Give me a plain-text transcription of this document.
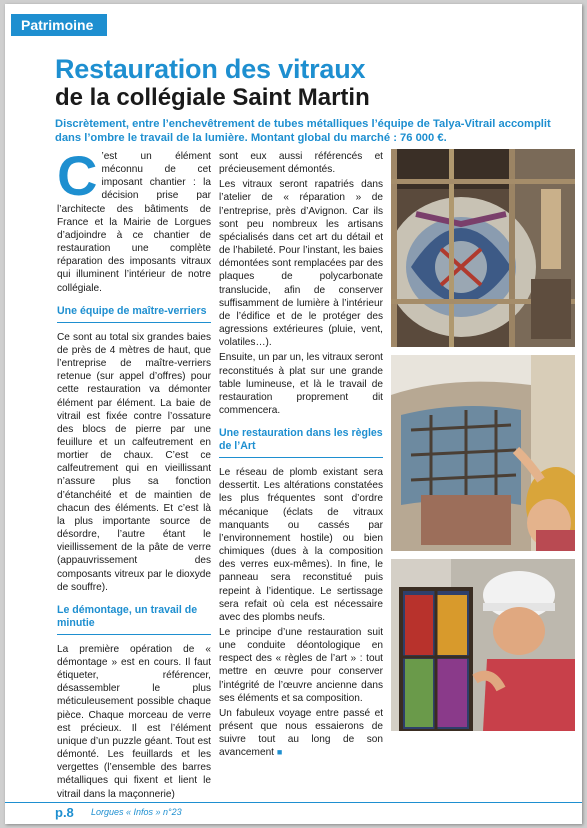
Patrimoine
Restauration des vitraux
de la collégiale Saint Martin

Discrètement, entre l’enchevêtrement de tubes métalliques l’équipe de Talya-Vitrail accomplit dans l’ombre le travail de la lumière. Montant global du marché : 76 000 €.

C ’est un élément méconnu de cet imposant chantier : la décision prise par l’architecte des bâtiments de France et la Mairie de Lorgues d’adjoindre à ce chantier de restauration une complète réparation des imposants vitraux qui illuminent l’intérieur de notre collégiale.

Une équipe de maître-verriers

Ce sont au total six grandes baies de près de 4 mètres de haut, que l’entreprise de maître-verriers retenue (sur appel d’offres) pour cette restauration va démonter élément par élément. La baie de vitrail est fixée contre l’ossature des blocs de pierre par une feuillure et un calfeutrement en mortier de chaux. C’est ce calfeutrement qui en vieillissant n’assure plus sa fonction d’étanchéité et de maintien de chacun des éléments. Et c’est là la plus importante source de désordre, l’autre étant le vieillissement de la pâte de verre (appauvrissement des composants vitreux par le dioxyde de souffre).

Le démontage, un travail de minutie

La première opération de « démontage » est en cours. Il faut étiqueter, référencer, désassembler le plus méticuleusement possible chaque pièce. Chaque morceau de verre est précieux. Il est l’élément unique d’un puzzle géant. Tout est démonté. Les feuillards et les vergettes (l’ensemble des barres métalliques qui fixent et lient le vitrail dans la maçonnerie)

sont eux aussi référencés et précieusement démontés.

Les vitraux seront rapatriés dans l’atelier de « réparation » de l’entreprise, près d’Avignon. Car ils sont peu nombreux les artisans spécialisés dans cet art du détail et de l’habileté. Pour l’instant, les baies démontées sont remplacées par des plaques de polycarbonate translucide, afin de conserver suffisamment de lumière à l’intérieur de l’édifice et de le protéger des agressions extérieures (pluie, vent, volatiles…).

Ensuite, un par un, les vitraux seront reconstitués à plat sur une grande table lumineuse, et là le travail de restauration proprement dit commencera.

Une restauration dans les règles de l’Art

Le réseau de plomb existant sera dessertit. Les altérations constatées les plus fréquentes sont d’ordre mécanique (éclats de vitraux manquants ou cassés par l’environnement hostile) ou bien chimiques (dues à la composition des verres eux-mêmes). In fine, le panneau sera reconstitué puis repeint à l’identique. Le sertissage sera refait où cela est nécessaire avec des plombs neufs.

Le principe d’une restauration suit une conduite déontologique en respect des « règles de l’art » : tout mettre en œuvre pour conserver l’intégrité de l’œuvre ancienne dans ses éléments et sa composition.

Un fabuleux voyage entre passé et présent que nous essaierons de suivre tout au long de son avancement ■

p.8 Lorgues « Infos » n°23
